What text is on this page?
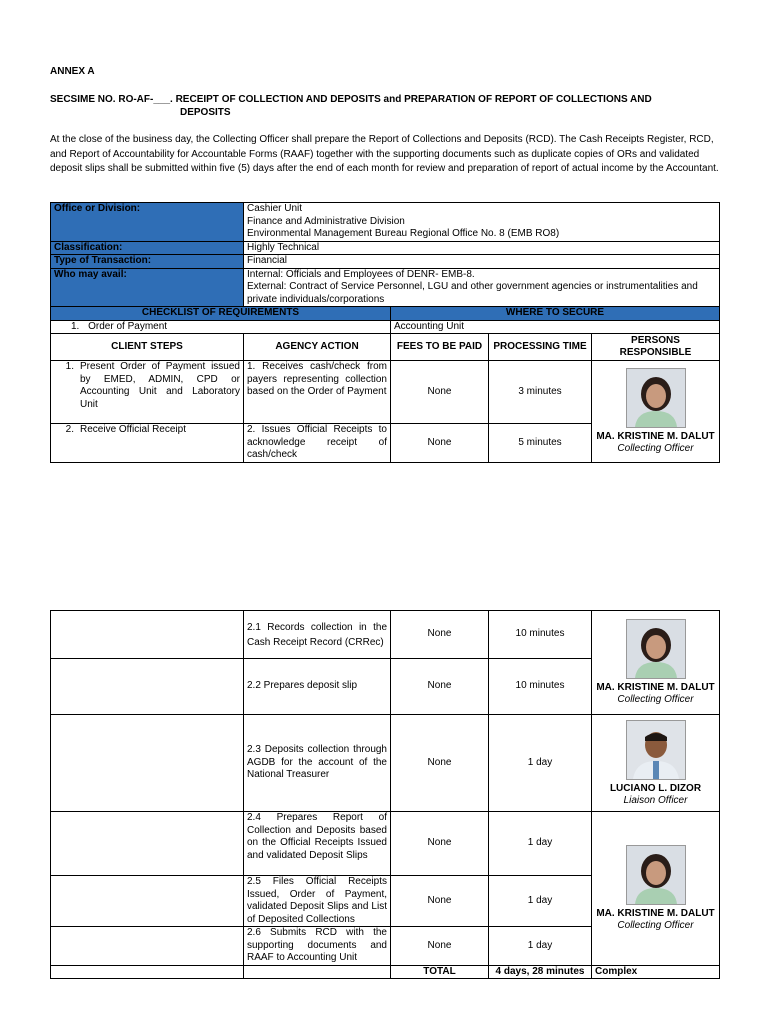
ANNEX A
SECSIME NO. RO-AF-___. RECEIPT OF COLLECTION AND DEPOSITS and PREPARATION OF REPORT OF COLLECTIONS AND
DEPOSITS
At the close of the business day, the Collecting Officer shall prepare the Report of Collections and Deposits (RCD). The Cash Receipts Register, RCD, and Report of Accountability for Accountable Forms (RAAF) together with the supporting documents such as duplicate copies of ORs and validated deposit slips shall be submitted within five (5) days after the end of each month for review and preparation of report of actual income by the Accountant.
Office or Division:	Cashier Unit
Finance and Administrative Division
Environmental Management Bureau Regional Office No. 8 (EMB RO8)			

Classification:	Highly Technical			
Type of Transaction:	Financial			
Who may avail:	Internal: Officials and Employees of DENR- EMB-8.
External: Contract of Service Personnel, LGU and other government agencies or instrumentalities and private individuals/corporations			

CHECKLIST OF REQUIREMENTS		WHERE TO SECURE		
1. Order of Payment		Accounting Unit		
CLIENT STEPS	AGENCY ACTION	FEES TO BE PAID	PROCESSING TIME	PERSONS RESPONSIBLE

1. Present Order of Payment issued by EMED, ADMIN, CPD or Accounting Unit and Laboratory Unit	1. Receives cash/check from payers representing collection based on the Order of Payment	None	3 minutes	MA. KRISTINE M. DALUT
Collecting Officer

2. Receive Official Receipt	2. Issues Official Receipts to acknowledge receipt of cash/check	None	5 minutes	
	2.1 Records collection in the Cash Receipt Record (CRRec)	None	10 minutes	MA. KRISTINE M. DALUT
Collecting Officer

	2.2 Prepares deposit slip	None	10 minutes	
	2.3 Deposits collection through AGDB for the account of the National Treasurer	None	1 day	LUCIANO L. DIZOR
Liaison Officer

	2.4 Prepares Report of Collection and Deposits based on the Official Receipts Issued and validated Deposit Slips	None	1 day	MA. KRISTINE M. DALUT
Collecting Officer

	2.5 Files Official Receipts Issued, Order of Payment, validated Deposit Slips and List of Deposited Collections	None	1 day	
	2.6 Submits RCD with the supporting documents and RAAF to Accounting Unit	None	1 day	
		TOTAL	4 days, 28 minutes	Complex
